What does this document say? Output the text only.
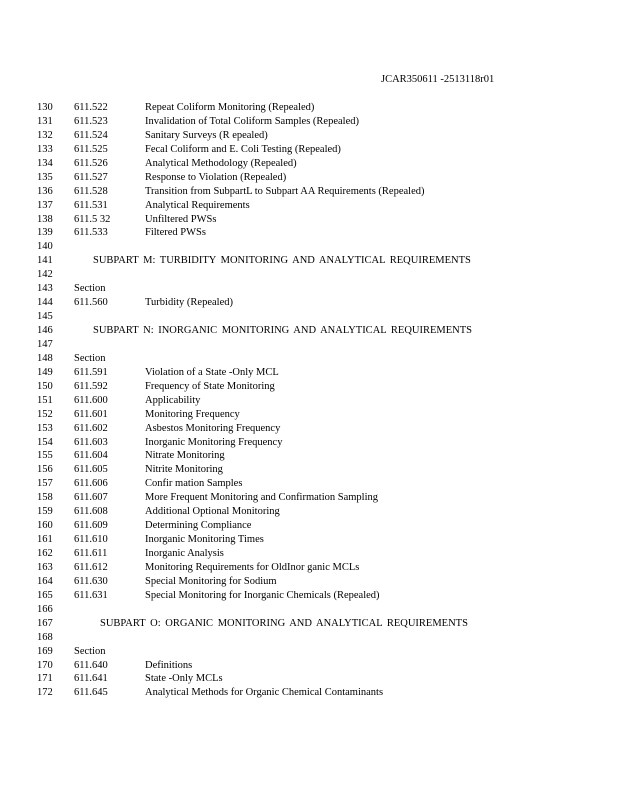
JCAR350611 -2513118r01
130 611.522	Repeat Coliform Monitoring (Repealed)
131 611.523	Invalidation of Total Coliform Samples (Repealed)
132 611.524	Sanitary Surveys (R epealed)
133 611.525	Fecal Coliform and E. Coli Testing (Repealed)
134 611.526	Analytical Methodology (Repealed)
135 611.527	Response to Violation (Repealed)
136 611.528	Transition from SubpartL to Subpart AA Requirements (Repealed)
137 611.531	Analytical Requirements
138 611.5 32	Unfiltered PWSs
139 611.533	Filtered PWSs
140
141	SUBPART M: TURBIDITY MONITORING AND ANALYTICAL REQUIREMENTS
142
143 Section
144 611.560	Turbidity (Repealed)
145
146	SUBPART N: INORGANIC MONITORING AND ANALYTICAL REQUIREMENTS
147
148 Section
149 611.591	Violation of a State -Only MCL
150 611.592	Frequency of State Monitoring
151 611.600	Applicability
152 611.601	Monitoring Frequency
153 611.602	Asbestos Monitoring Frequency
154 611.603	Inorganic Monitoring Frequency
155 611.604	Nitrate Monitoring
156 611.605	Nitrite Monitoring
157 611.606	Confir mation Samples
158 611.607	More Frequent Monitoring and Confirmation Sampling
159 611.608	Additional Optional Monitoring
160 611.609	Determining Compliance
161 611.610	Inorganic Monitoring Times
162 611.611	Inorganic Analysis
163 611.612	Monitoring Requirements for OldInor ganic MCLs
164 611.630	Special Monitoring for Sodium
165 611.631	Special Monitoring for Inorganic Chemicals (Repealed)
166
167	SUBPART O: ORGANIC MONITORING AND ANALYTICAL REQUIREMENTS
168
169 Section
170 611.640	Definitions
171 611.641	State -Only MCLs
172 611.645	Analytical Methods for Organic Chemical Contaminants
